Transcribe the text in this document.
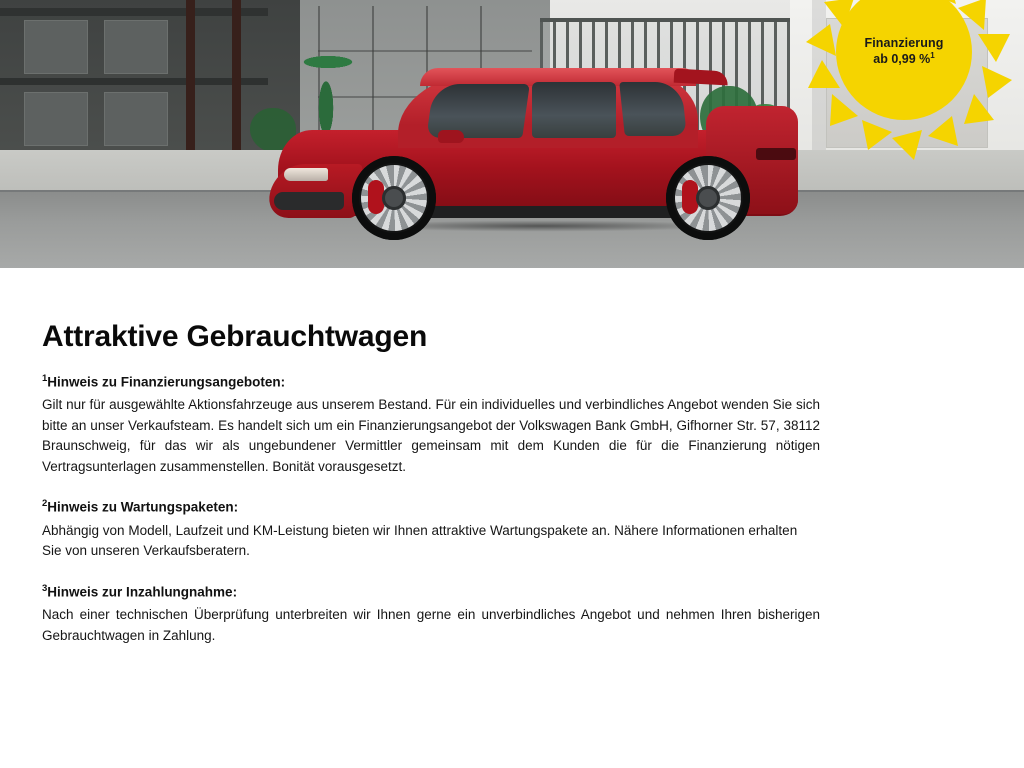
Finanzierung
ab 0,99 %$^1$
Attraktive Gebrauchtwagen

$^1$Hinweis zu Finanzierungsangeboten:

Gilt nur für ausgewählte Aktionsfahrzeuge aus unserem Bestand. Für ein individuelles und verbindliches Angebot wenden Sie sich bitte an unser Verkaufsteam. Es handelt sich um ein Finanzierungsangebot der Volkswagen Bank GmbH, Gifhorner Str. 57, 38112 Braunschweig, für das wir als ungebundener Vermittler gemeinsam mit dem Kunden die für die Finanzierung nötigen Vertragsunterlagen zusammenstellen. Bonität vorausgesetzt.

$^2$Hinweis zu Wartungspaketen:

Abhängig von Modell, Laufzeit und KM-Leistung bieten wir Ihnen attraktive Wartungspakete an. Nähere Informationen erhalten Sie von unseren Verkaufsberatern.

$^3$Hinweis zur Inzahlungnahme:

Nach einer technischen Überprüfung unterbreiten wir Ihnen gerne ein unverbindliches Angebot und nehmen Ihren bisherigen Gebrauchtwagen in Zahlung.
